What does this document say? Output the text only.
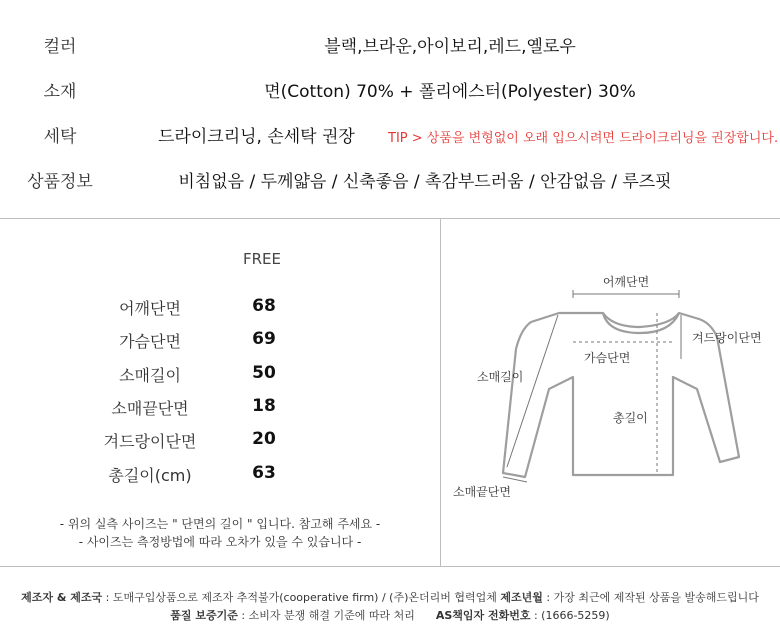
컬러	블랙,브라운,아이보리,레드,옐로우
소재	면(Cotton) 70% + 폴리에스터(Polyester) 30%
세탁	드라이크리닝, 손세탁 권장	TIP > 상품을 변형없이 오래 입으시려면 드라이크리닝을 권장합니다.
상품정보	비침없음 / 두께얇음 / 신축좋음 / 촉감부드러움 / 안감없음 / 루즈핏
FREE
어깨단면	68
가슴단면	69
소매길이	50
소매끝단면	18
겨드랑이단면	20
총길이(cm)	63
- 위의 실측 사이즈는 " 단면의 길이 " 입니다. 참고해 주세요 -
- 사이즈는 측정방법에 따라 오차가 있을 수 있습니다 -
어깨단면
겨드랑이단면
가슴단면
소매길이
총길이
소매끝단면
제조자 & 제조국 : 도매구입상품으로 제조자 추적불가(cooperative firm) / (주)온더리버 협력업체 제조년월 : 가장 최근에 제작된 상품을 발송해드립니다
품질 보증기준 : 소비자 분쟁 해결 기준에 따라 처리      AS책임자 전화번호 : (1666-5259)
